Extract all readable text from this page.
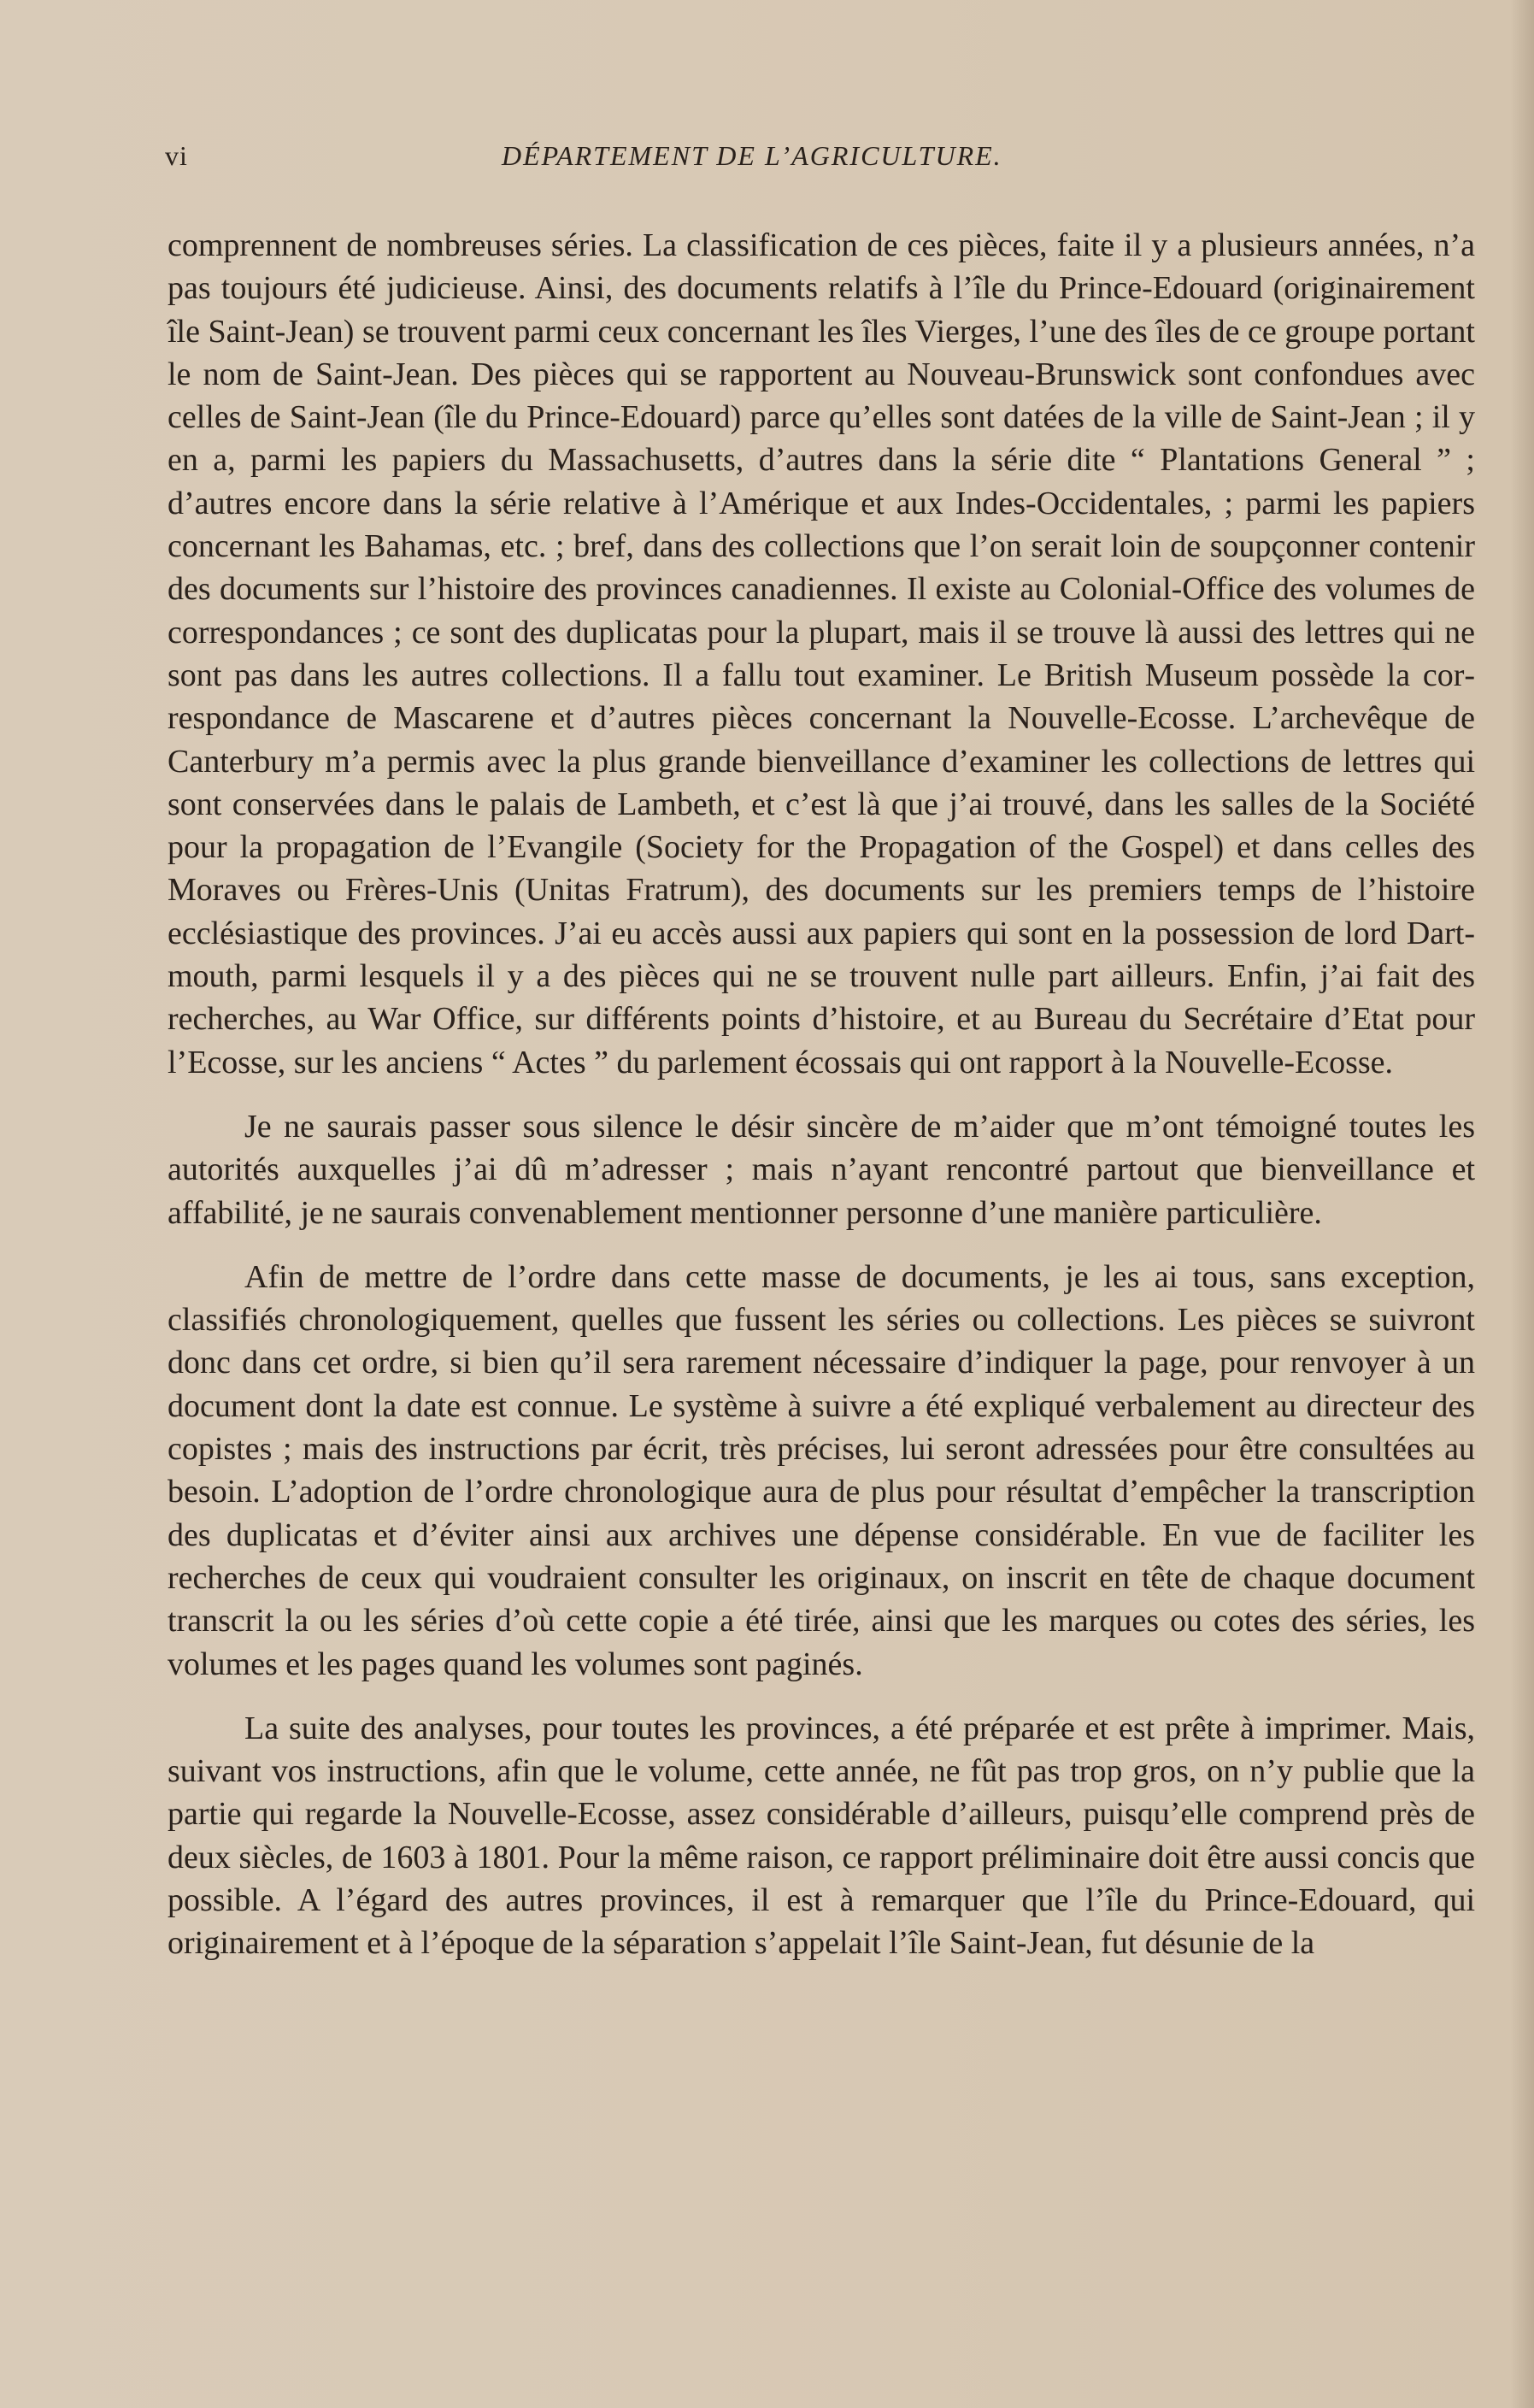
vi	DÉPARTEMENT DE L’AGRICULTURE.

comprennent de nombreuses séries. La classification de ces pièces, faite il y a plusieurs années, n’a pas toujours été judicieuse. Ainsi, des documents relatifs à l’île du Prince-Edouard (originairement île Saint-Jean) se trouvent parmi ceux concernant les îles Vierges, l’une des îles de ce groupe portant le nom de Saint-Jean. Des pièces qui se rapportent au Nouveau-Brunswick sont confondues avec celles de Saint-Jean (île du Prince-Edouard) parce qu’elles sont datées de la ville de Saint-Jean ; il y en a, parmi les papiers du Massachusetts, d’autres dans la série dite “ Plantations General ” ; d’autres encore dans la série relative à l’Amérique et aux Indes-Occidentales, ; parmi les papiers concernant les Bahamas, etc. ; bref, dans des collections que l’on serait loin de soupçonner contenir des documents sur l’histoire des provinces canadiennes. Il existe au Colonial-Office des volumes de correspondances ; ce sont des duplicatas pour la plupart, mais il se trouve là aussi des lettres qui ne sont pas dans les autres collections. Il a fallu tout examiner. Le British Museum possède la correspondance de Mascarene et d’autres pièces concernant la Nouvelle-Ecosse. L’archevêque de Canterbury m’a permis avec la plus grande bienveillance d’examiner les collections de lettres qui sont conservées dans le palais de Lambeth, et c’est là que j’ai trouvé, dans les salles de la Société pour la propagation de l’Evangile (Society for the Propagation of the Gospel) et dans celles des Moraves ou Frères-Unis (Unitas Fratrum), des documents sur les premiers temps de l’histoire ecclésiastique des provinces. J’ai eu accès aussi aux papiers qui sont en la possession de lord Dartmouth, parmi lesquels il y a des pièces qui ne se trouvent nulle part ailleurs. Enfin, j’ai fait des recherches, au War Office, sur différents points d’histoire, et au Bureau du Secrétaire d’Etat pour l’Ecosse, sur les anciens “ Actes ” du parlement écossais qui ont rapport à la Nouvelle-Ecosse.

Je ne saurais passer sous silence le désir sincère de m’aider que m’ont témoigné toutes les autorités auxquelles j’ai dû m’adresser ; mais n’ayant rencontré partout que bienveillance et affabilité, je ne saurais convenablement mentionner personne d’une manière particulière.

Afin de mettre de l’ordre dans cette masse de documents, je les ai tous, sans exception, classifiés chronologiquement, quelles que fussent les séries ou collections. Les pièces se suivront donc dans cet ordre, si bien qu’il sera rarement nécessaire d’indiquer la page, pour renvoyer à un document dont la date est connue. Le système à suivre a été expliqué verbalement au directeur des copistes ; mais des instructions par écrit, très précises, lui seront adressées pour être consultées au besoin. L’adoption de l’ordre chronologique aura de plus pour résultat d’empêcher la transcription des duplicatas et d’éviter ainsi aux archives une dépense considérable. En vue de faciliter les recherches de ceux qui voudraient consulter les originaux, on inscrit en tête de chaque document transcrit la ou les séries d’où cette copie a été tirée, ainsi que les marques ou cotes des séries, les volumes et les pages quand les volumes sont paginés.

La suite des analyses, pour toutes les provinces, a été préparée et est prête à imprimer. Mais, suivant vos instructions, afin que le volume, cette année, ne fût pas trop gros, on n’y publie que la partie qui regarde la Nouvelle-Ecosse, assez considérable d’ailleurs, puisqu’elle comprend près de deux siècles, de 1603 à 1801. Pour la même raison, ce rapport préliminaire doit être aussi concis que possible. A l’égard des autres provinces, il est à remarquer que l’île du Prince-Edouard, qui originairement et à l’époque de la séparation s’appelait l’île Saint-Jean, fut désunie de la
